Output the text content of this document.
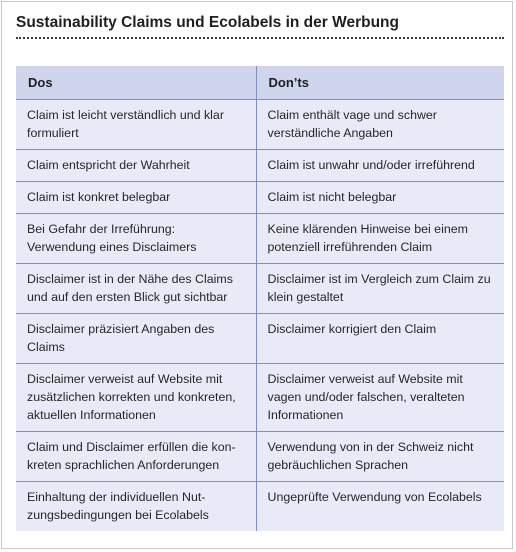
Sustainability Claims und Ecolabels in der Werbung
Dos	Don’ts
Claim ist leicht verständlich und klar formuliert	Claim enthält vage und schwer verständliche Angaben
Claim entspricht der Wahrheit	Claim ist unwahr und/oder irreführend
Claim ist konkret belegbar	Claim ist nicht belegbar
Bei Gefahr der Irreführung: Verwendung eines Disclaimers	Keine klärenden Hinweise bei einem potenziell irreführenden Claim
Disclaimer ist in der Nähe des Claims und auf den ersten Blick gut sichtbar	Disclaimer ist im Vergleich zum Claim zu klein gestaltet
Disclaimer präzisiert Angaben des Claims	Disclaimer korrigiert den Claim
Disclaimer verweist auf Website mit zusätzlichen korrekten und konkreten, aktuellen Informationen	Disclaimer verweist auf Website mit vagen und/oder falschen, veralteten Informationen
Claim und Disclaimer erfüllen die kon-kreten sprachlichen Anforderungen	Verwendung von in der Schweiz nicht gebräuchlichen Sprachen
Einhaltung der individuellen Nut-zungsbedingungen bei Ecolabels	Ungeprüfte Verwendung von Ecolabels
